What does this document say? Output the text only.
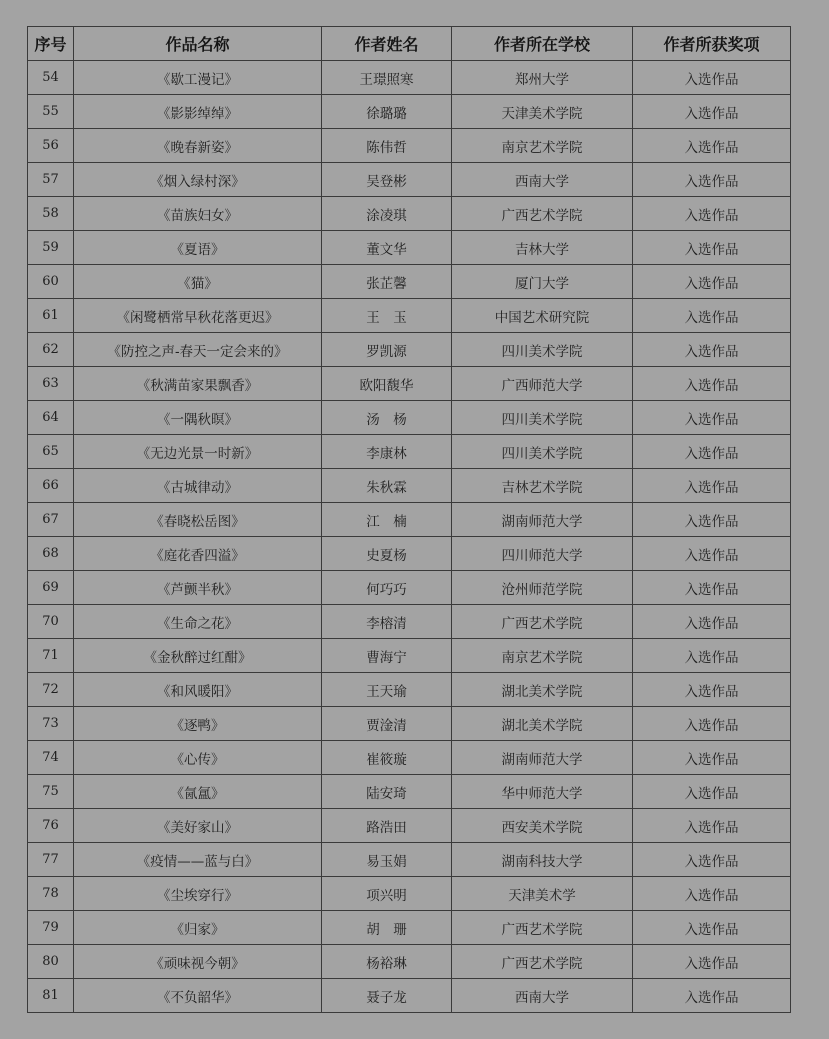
序号	作品名称	作者姓名	作者所在学校	作者所获奖项
54	《歇工漫记》	王璟照寒	郑州大学	入选作品
55	《影影绰绰》	徐璐璐	天津美术学院	入选作品
56	《晚春新姿》	陈伟哲	南京艺术学院	入选作品
57	《烟入绿村深》	吴登彬	西南大学	入选作品
58	《苗族妇女》	涂凌琪	广西艺术学院	入选作品
59	《夏语》	董文华	吉林大学	入选作品
60	《猫》	张芷馨	厦门大学	入选作品
61	《闲鹭栖常早秋花落更迟》	王　玉	中国艺术研究院	入选作品
62	《防控之声-春天一定会来的》	罗凯源	四川美术学院	入选作品
63	《秋满苗家果飘香》	欧阳馥华	广西师范大学	入选作品
64	《一隅秋暝》	汤　杨	四川美术学院	入选作品
65	《无边光景一时新》	李康林	四川美术学院	入选作品
66	《古城律动》	朱秋霖	吉林艺术学院	入选作品
67	《春晓松岳图》	江　楠	湖南师范大学	入选作品
68	《庭花香四溢》	史夏杨	四川师范大学	入选作品
69	《芦颤半秋》	何巧巧	沧州师范学院	入选作品
70	《生命之花》	李榕清	广西艺术学院	入选作品
71	《金秋醉过红酣》	曹海宁	南京艺术学院	入选作品
72	《和风暖阳》	王天瑜	湖北美术学院	入选作品
73	《逐鸭》	贾淦清	湖北美术学院	入选作品
74	《心传》	崔筱璇	湖南师范大学	入选作品
75	《氤氲》	陆安琦	华中师范大学	入选作品
76	《美好家山》	路浩田	西安美术学院	入选作品
77	《疫情——蓝与白》	易玉娟	湖南科技大学	入选作品
78	《尘埃穿行》	项兴明	天津美术学	入选作品
79	《归家》	胡　珊	广西艺术学院	入选作品
80	《顽味视今朝》	杨裕琳	广西艺术学院	入选作品
81	《不负韶华》	聂子龙	西南大学	入选作品
